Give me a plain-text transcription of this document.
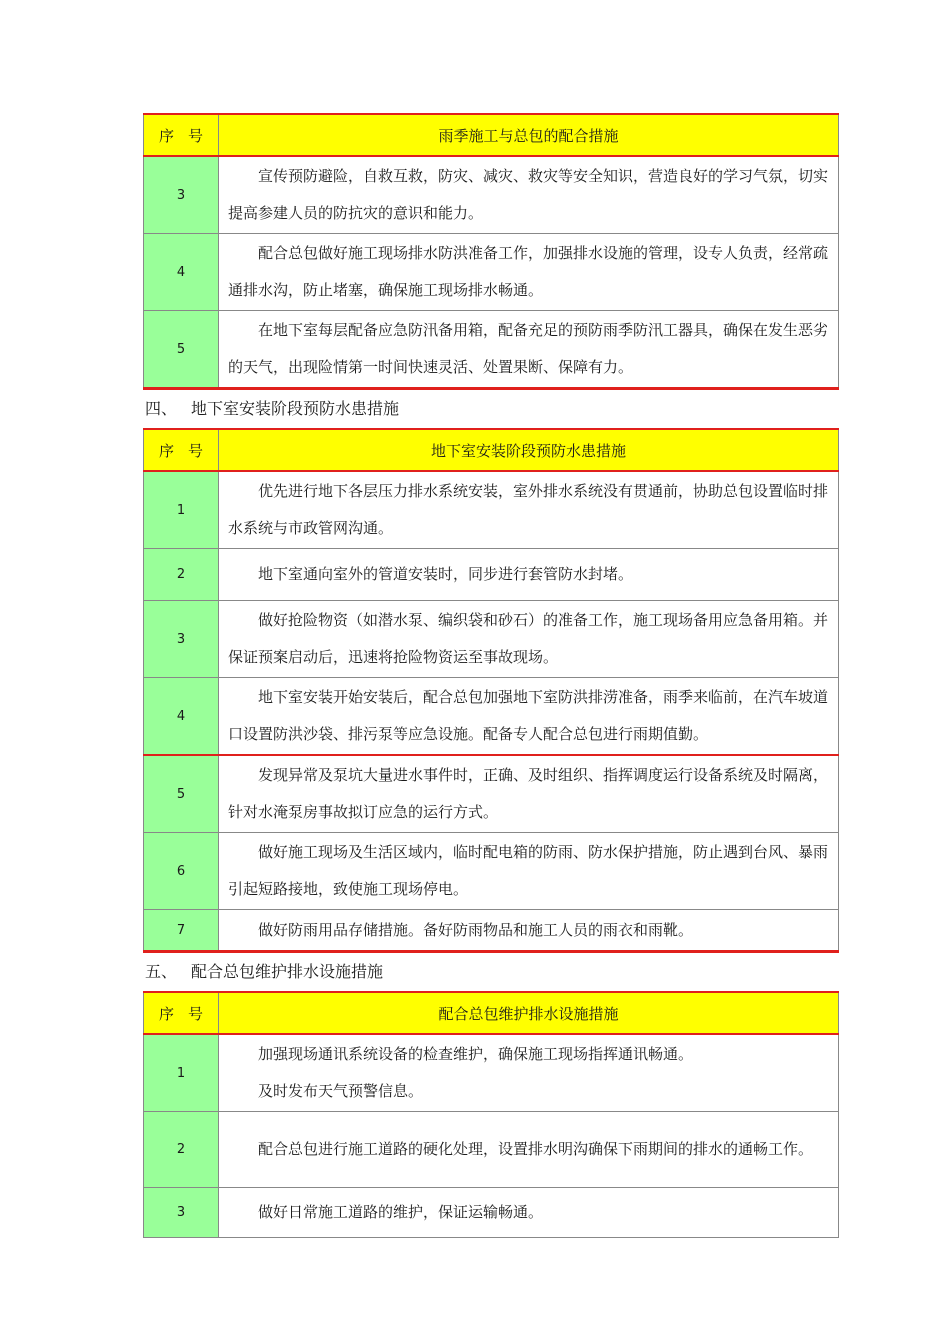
序号	雨季施工与总包的配合措施
3	宣传预防避险，自救互救，防灾、减灾、救灾等安全知识，营造良好的学习气氛，切实提高参建人员的防抗灾的意识和能力。

4	配合总包做好施工现场排水防洪准备工作，加强排水设施的管理，设专人负责，经常疏通排水沟，防止堵塞，确保施工现场排水畅通。

5	在地下室每层配备应急防汛备用箱，配备充足的预防雨季防汛工器具，确保在发生恶劣的天气，出现险情第一时间快速灵活、处置果断、保障有力。
四、 地下室安装阶段预防水患措施
序号	地下室安装阶段预防水患措施
1	优先进行地下各层压力排水系统安装，室外排水系统没有贯通前，协助总包设置临时排水系统与市政管网沟通。

2	地下室通向室外的管道安装时，同步进行套管防水封堵。

3	做好抢险物资（如潜水泵、编织袋和砂石）的准备工作，施工现场备用应急备用箱。并保证预案启动后，迅速将抢险物资运至事故现场。

4	地下室安装开始安装后，配合总包加强地下室防洪排涝准备，雨季来临前，在汽车坡道口设置防洪沙袋、排污泵等应急设施。配备专人配合总包进行雨期值勤。

5	发现异常及泵坑大量进水事件时，正确、及时组织、指挥调度运行设备系统及时隔离，针对水淹泵房事故拟订应急的运行方式。

6	做好施工现场及生活区域内，临时配电箱的防雨、防水保护措施，防止遇到台风、暴雨引起短路接地，致使施工现场停电。

7	做好防雨用品存储措施。备好防雨物品和施工人员的雨衣和雨靴。
五、 配合总包维护排水设施措施
序号	配合总包维护排水设施措施
1	加强现场通讯系统设备的检查维护，确保施工现场指挥通讯畅通。
及时发布天气预警信息。

2	配合总包进行施工道路的硬化处理，设置排水明沟确保下雨期间的排水的通畅工作。

3	做好日常施工道路的维护，保证运输畅通。
